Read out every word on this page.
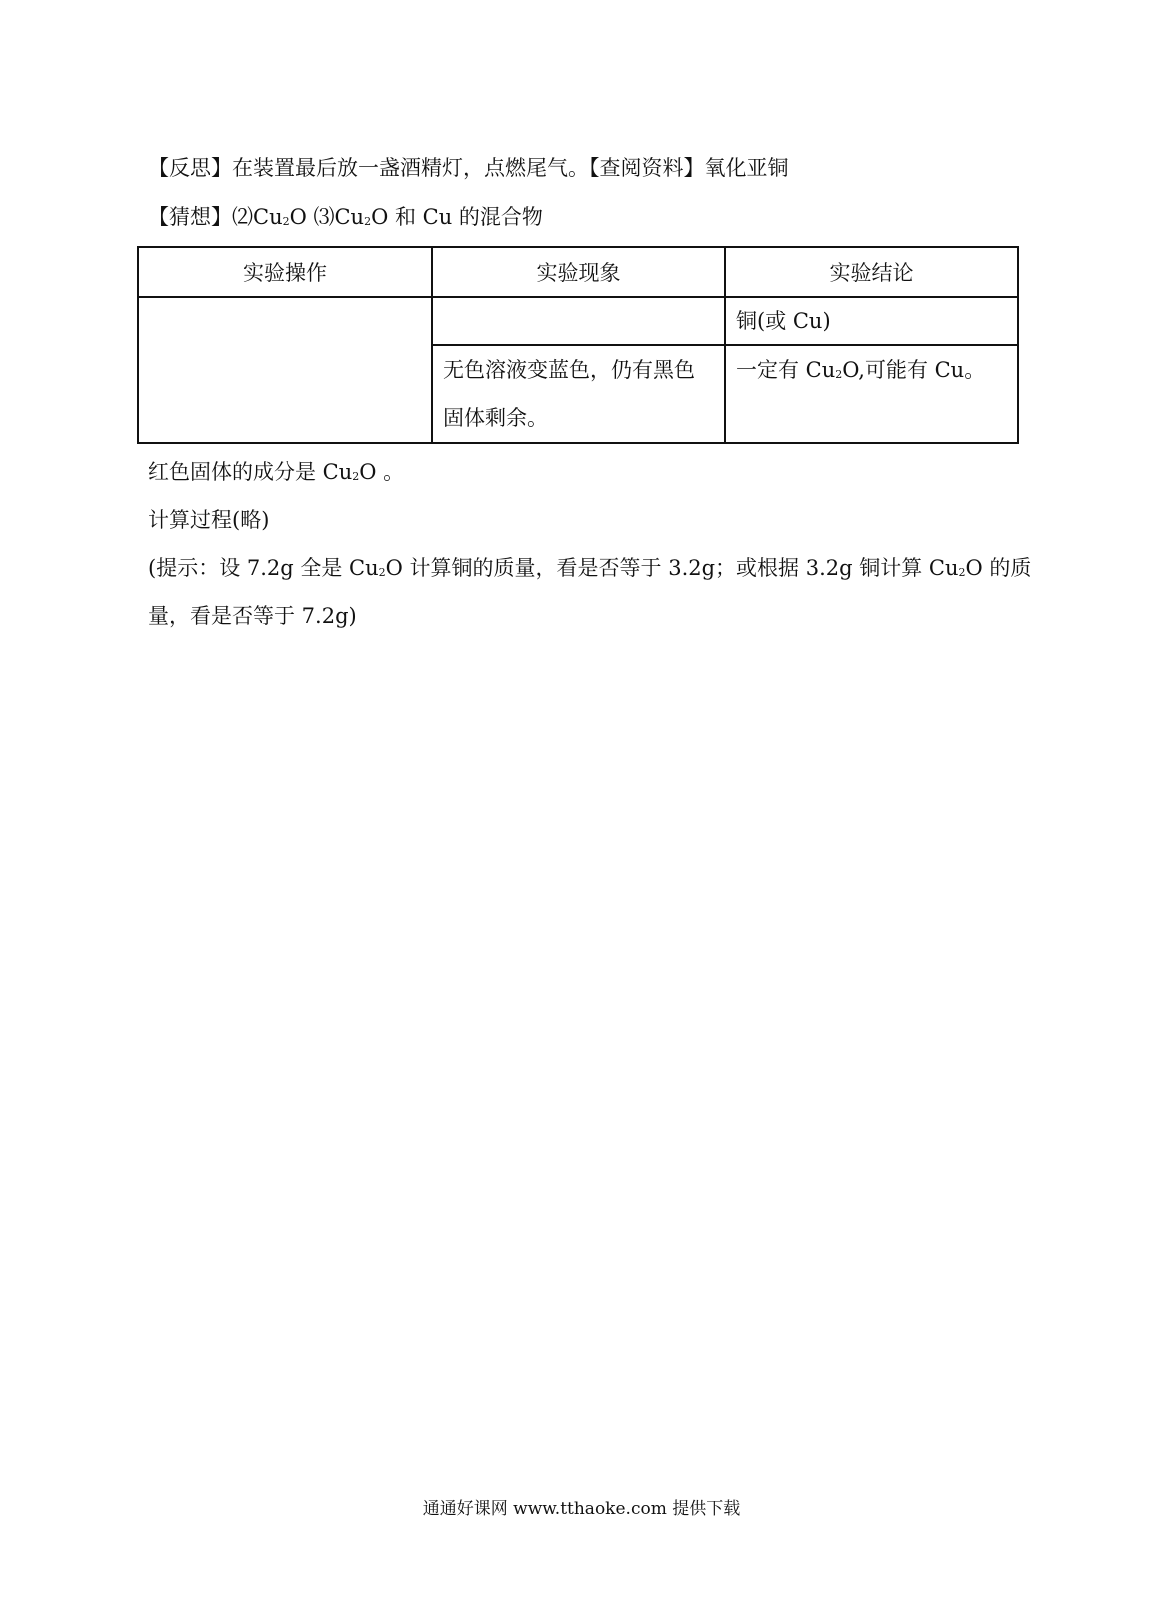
【反思】在装置最后放一盏酒精灯，点燃尾气。【查阅资料】氧化亚铜
【猜想】$⑵Cu_2O$ $⑶Cu_2O$ 和 Cu 的混合物
实验操作	实验现象	实验结论
		铜(或 Cu)
	无色溶液变蓝色，仍有黑色固体剩余。	一定有 $Cu_2O$,可能有 Cu。
红色固体的成分是 $Cu_2O$ 。
计算过程(略)
(提示：设 7.2g 全是 $Cu_2O$ 计算铜的质量，看是否等于 3.2g；或根据 3.2g 铜计算 $Cu_2O$ 的质
量，看是否等于 7.2g)
通通好课网 www.tthaoke.com 提供下载
